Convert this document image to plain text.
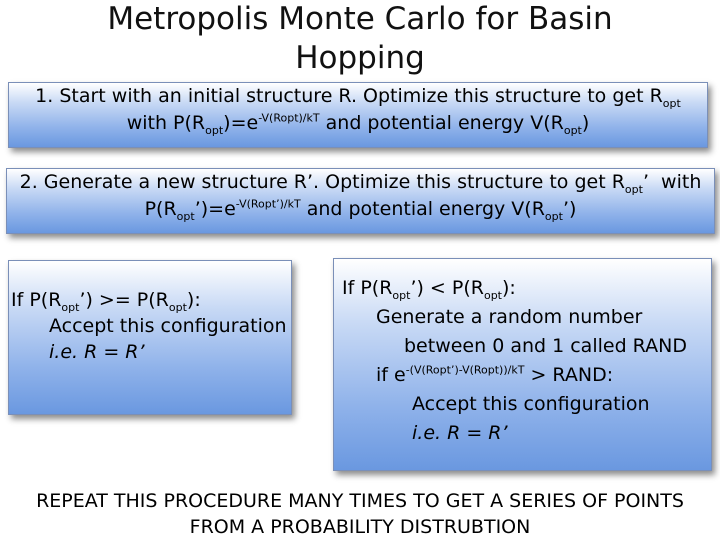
Metropolis Monte Carlo for Basin
Hopping
1. Start with an initial structure R. Optimize this structure to get $R_{opt}$
with $P(R_{opt})=e^{-V(Ropt)/kT}$ and potential energy $V(R_{opt})$
2. Generate a new structure R’. Optimize this structure to get $R_{opt}$’  with
$P(R_{opt}’)=e^{-V(Ropt’)/kT}$ and potential energy $V(R_{opt}’)$
If $P(R_{opt}’) >= P(R_{opt})$:
Accept this configuration
i.e. R = R’
If $P(R_{opt}’) < P(R_{opt})$:
Generate a random number
between 0 and 1 called RAND
if $e^{-(V(Ropt’)-V(Ropt))/kT}$ > RAND:
Accept this configuration
i.e. R = R’
REPEAT THIS PROCEDURE MANY TIMES TO GET A SERIES OF POINTS
FROM A PROBABILITY DISTRUBTION
